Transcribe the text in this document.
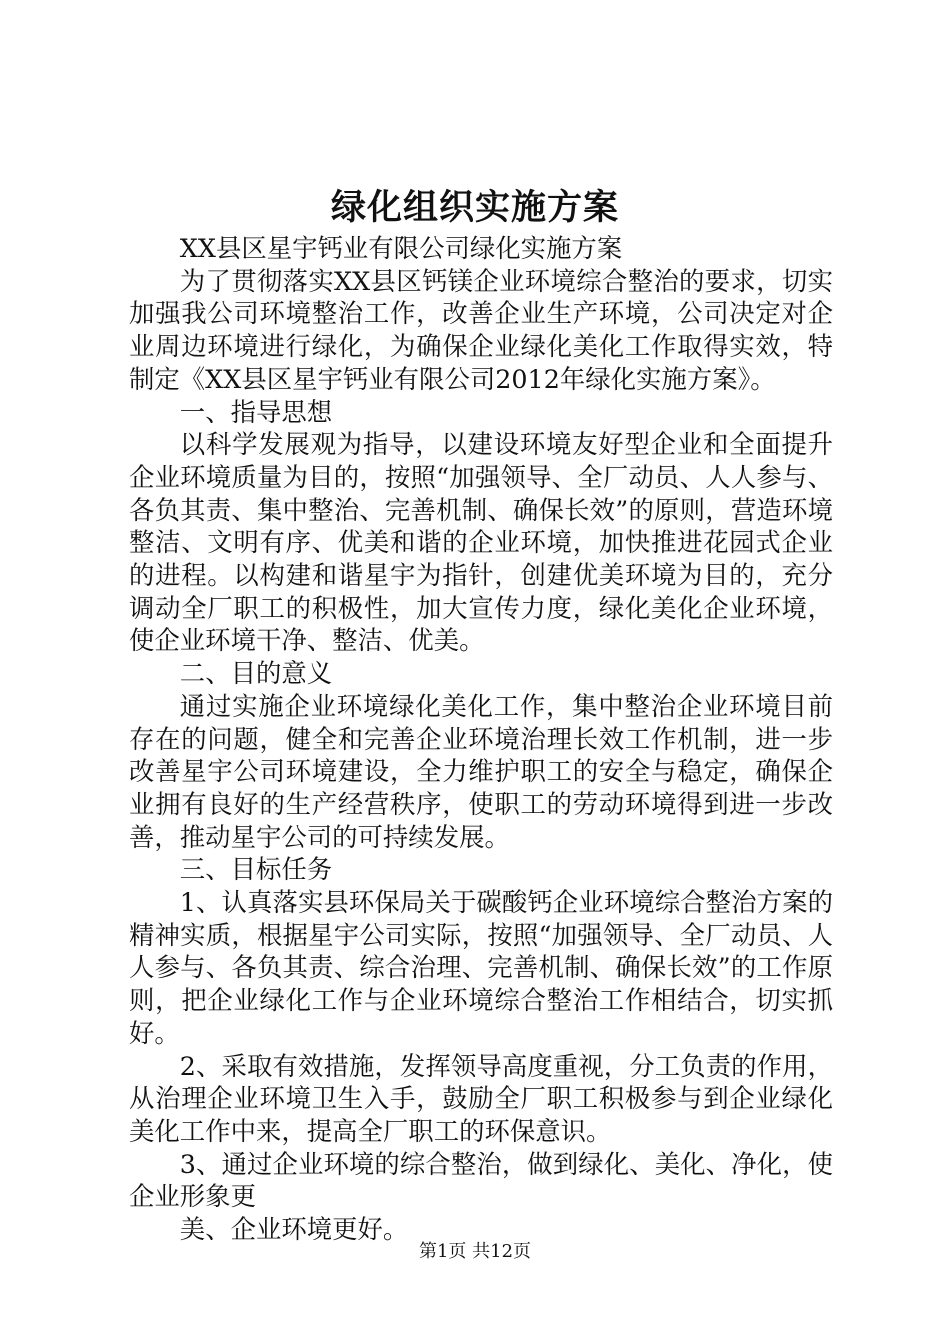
绿化组织实施方案

XX县区星宇钙业有限公司绿化实施方案

为了贯彻落实XX县区钙镁企业环境综合整治的要求，切实加强我公司环境整治工作，改善企业生产环境，公司决定对企业周边环境进行绿化，为确保企业绿化美化工作取得实效，特制定《XX县区星宇钙业有限公司2012年绿化实施方案》。

一、指导思想

以科学发展观为指导，以建设环境友好型企业和全面提升企业环境质量为目的，按照“加强领导、全厂动员、人人参与、各负其责、集中整治、完善机制、确保长效”的原则，营造环境整洁、文明有序、优美和谐的企业环境，加快推进花园式企业的进程。以构建和谐星宇为指针，创建优美环境为目的，充分调动全厂职工的积极性，加大宣传力度，绿化美化企业环境，使企业环境干净、整洁、优美。

二、目的意义

通过实施企业环境绿化美化工作，集中整治企业环境目前存在的问题，健全和完善企业环境治理长效工作机制，进一步改善星宇公司环境建设，全力维护职工的安全与稳定，确保企业拥有良好的生产经营秩序，使职工的劳动环境得到进一步改善，推动星宇公司的可持续发展。

三、目标任务

1、认真落实县环保局关于碳酸钙企业环境综合整治方案的精神实质，根据星宇公司实际，按照“加强领导、全厂动员、人人参与、各负其责、综合治理、完善机制、确保长效”的工作原则，把企业绿化工作与企业环境综合整治工作相结合，切实抓好。

2、采取有效措施，发挥领导高度重视，分工负责的作用，从治理企业环境卫生入手，鼓励全厂职工积极参与到企业绿化美化工作中来，提高全厂职工的环保意识。

3、通过企业环境的综合整治，做到绿化、美化、净化，使企业形象更

美、企业环境更好。

第1页 共12页
